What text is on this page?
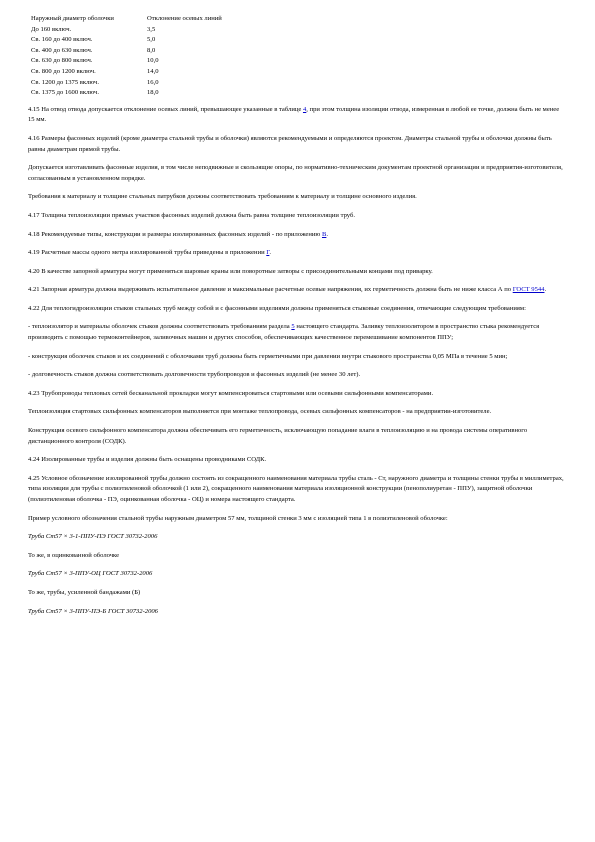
Наружный диаметр оболочки	Отклонение осевых линий
До 160 включ.	3,5
Св. 160 до 400 включ.	5,0
Св. 400 до 630 включ.	8,0
Св. 630 до 800 включ.	10,0
Св. 800 до 1200 включ.	14,0
Св. 1200 до 1375 включ.	16,0
Св. 1375 до 1600 включ.	18,0

4.15 На отвод отвода допускается отклонение осевых линий, превышающее указанные в таблице 4, при этом толщина изоляции отвода, измеренная в любой ее точке, должна быть не менее 15 мм.

4.16 Размеры фасонных изделий (кроме диаметра стальной трубы и оболочки) являются рекомендуемыми и определяются проектом. Диаметры стальной трубы и оболочки должны быть равны диаметрам прямой трубы.

Допускается изготавливать фасонные изделия, в том числе неподвижные и скользящие опоры, по нормативно-техническим документам проектной организации и предприятия-изготовителя, согласованным в установленном порядке.

Требования к материалу и толщине стальных патрубков должны соответствовать требованиям к материалу и толщине основного изделия.

4.17 Толщина теплоизоляции прямых участков фасонных изделий должна быть равна толщине теплоизоляции труб.

4.18 Рекомендуемые типы, конструкции и размеры изолированных фасонных изделий - по приложению В.

4.19 Расчетные массы одного метра изолированной трубы приведены в приложении Г.

4.20 В качестве запорной арматуры могут применяться шаровые краны или поворотные затворы с присоединительными концами под приварку.

4.21 Запорная арматура должна выдерживать испытательное давление и максимальные расчетные осевые напряжения, их герметичность должна быть не ниже класса А по ГОСТ 9544.

4.22 Для теплогидроизоляции стыков стальных труб между собой и с фасонными изделиями должны применяться стыковые соединения, отвечающие следующим требованиям:

- теплоизолятор и материалы оболочек стыков должны соответствовать требованиям раздела 5 настоящего стандарта. Заливку теплоизолятором в пространство стыка рекомендуется производить с помощью термоконтейнеров, заливочных машин и других способов, обеспечивающих качественное перемешивание компонентов ППУ;

- конструкция оболочек стыков и их соединений с оболочками труб должны быть герметичными при давлении внутри стыкового пространства 0,05 МПа в течение 5 мин;

- долговечность стыков должна соответствовать долговечности трубопроводов и фасонных изделий (не менее 30 лет).

4.23 Трубопроводы тепловых сетей бесканальной прокладки могут компенсироваться стартовыми или осевыми сильфонными компенсаторами.

Теплоизоляция стартовых сильфонных компенсаторов выполняется при монтаже теплопровода, осевых сильфонных компенсаторов - на предприятии-изготовителе.

Конструкция осевого сильфонного компенсатора должна обеспечивать его герметичность, исключающую попадание влаги в теплоизоляцию и на провода системы оперативного дистанционного контроля (СОДК).

4.24 Изолированные трубы и изделия должны быть оснащены проводниками СОДК.

4.25 Условное обозначение изолированной трубы должно состоять из сокращенного наименования материала трубы сталь - Ст, наружного диаметра и толщины стенки трубы в миллиметрах, типа изоляции для трубы с полиэтиленовой оболочкой (1 или 2), сокращенного наименования материала изоляционной конструкции (пенополиуретан - ППУ), защитной оболочки (полиэтиленовая оболочка - ПЭ, оцинкованная оболочка - ОЦ) и номера настоящего стандарта.

Пример условного обозначения стальной трубы наружным диаметром 57 мм, толщиной стенки 3 мм с изоляцией типа 1 в полиэтиленовой оболочке:

Труба Ст57 × 3-1-ППУ-ПЭ ГОСТ 30732-2006

То же, в оцинкованной оболочке

Труба Ст57 × 3-ППУ-ОЦ ГОСТ 30732-2006

То же, трубы, усиленной бандажами (Б)

Труба Ст57 × 3-ППУ-ПЭ-Б ГОСТ 30732-2006
